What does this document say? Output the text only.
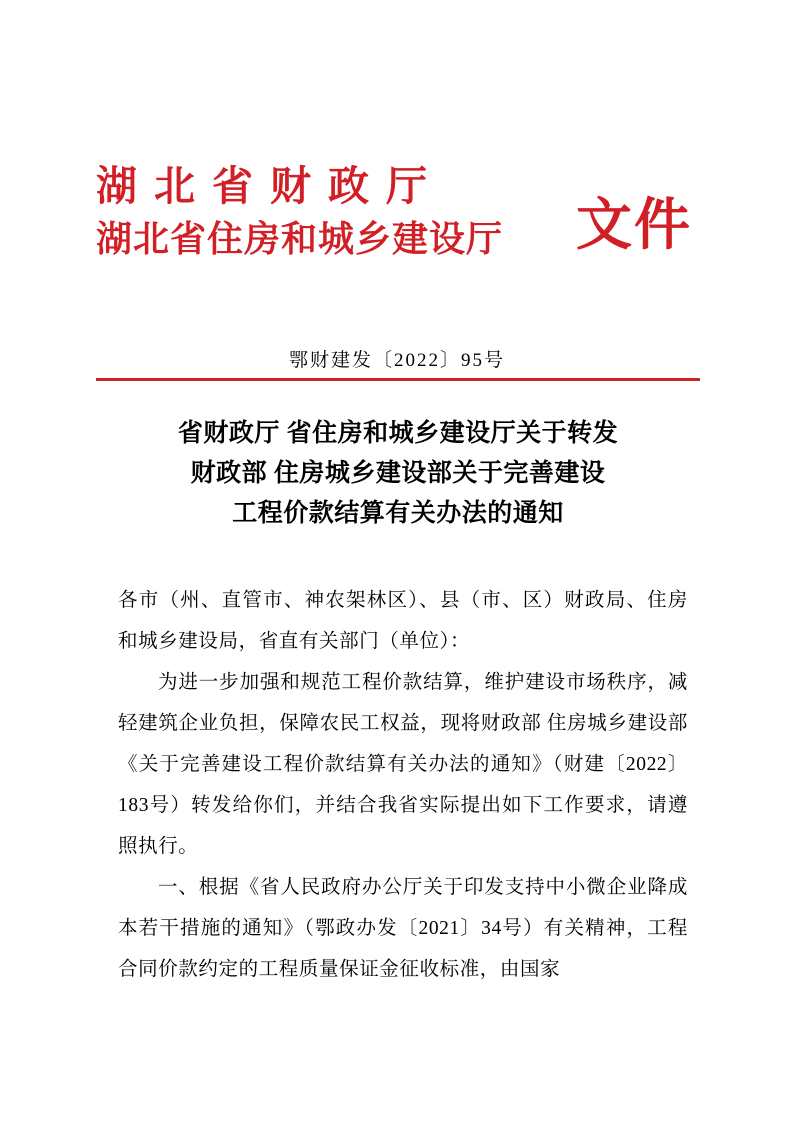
湖北省财政厅
湖北省住房和城乡建设厅	文件
鄂财建发〔2022〕95号
省财政厅 省住房和城乡建设厅关于转发
财政部 住房城乡建设部关于完善建设
工程价款结算有关办法的通知

各市（州、直管市、神农架林区）、县（市、区）财政局、住房和城乡建设局，省直有关部门（单位）：

为进一步加强和规范工程价款结算，维护建设市场秩序，减轻建筑企业负担，保障农民工权益，现将财政部 住房城乡建设部《关于完善建设工程价款结算有关办法的通知》（财建〔2022〕183号）转发给你们，并结合我省实际提出如下工作要求，请遵照执行。

一、根据《省人民政府办公厅关于印发支持中小微企业降成本若干措施的通知》（鄂政办发〔2021〕34号）有关精神，工程合同价款约定的工程质量保证金征收标准，由国家
